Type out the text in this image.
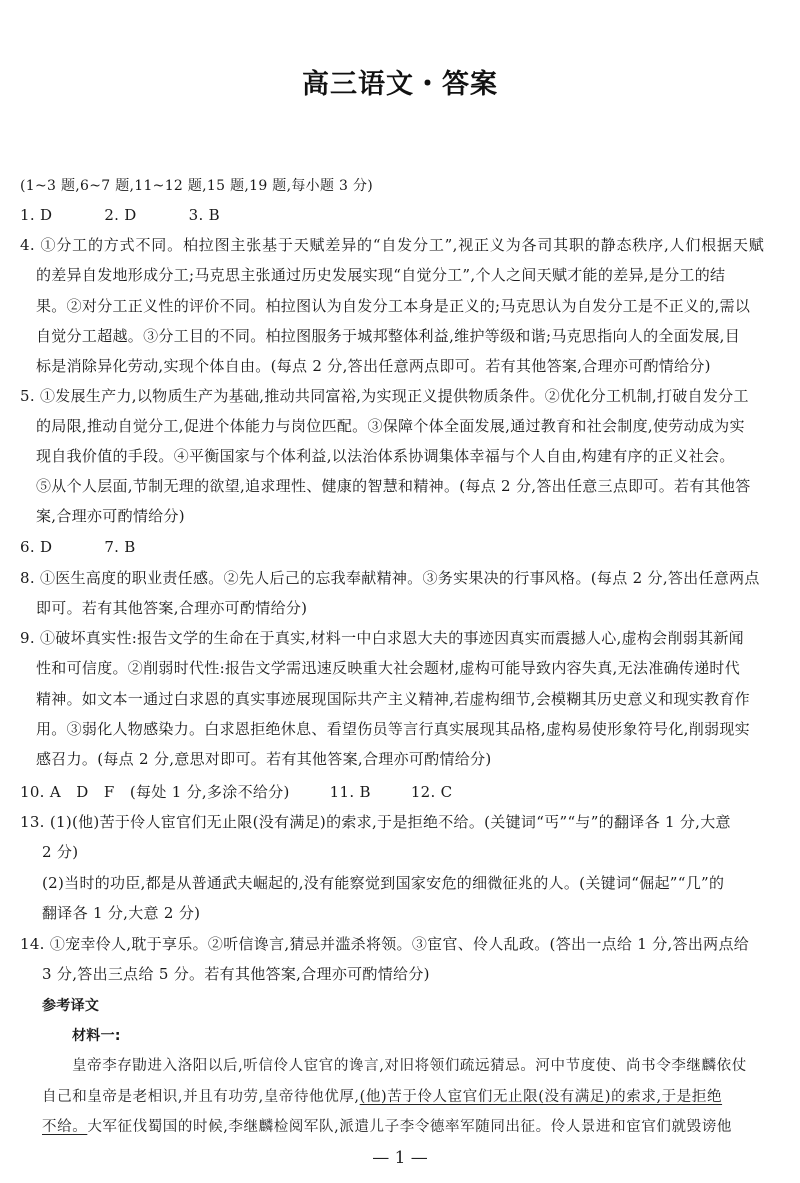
高三语文・答案
(1~3 题,6~7 题,11~12 题,15 题,19 题,每小题 3 分)
1. D	2. D	3. B
4. ①分工的方式不同。柏拉图主张基于天赋差异的“自发分工”,视正义为各司其职的静态秩序,人们根据天赋
的差异自发地形成分工;马克思主张通过历史发展实现“自觉分工”,个人之间天赋才能的差异,是分工的结
果。②对分工正义性的评价不同。柏拉图认为自发分工本身是正义的;马克思认为自发分工是不正义的,需以
自觉分工超越。③分工目的不同。柏拉图服务于城邦整体利益,维护等级和谐;马克思指向人的全面发展,目
标是消除异化劳动,实现个体自由。(每点 2 分,答出任意两点即可。若有其他答案,合理亦可酌情给分)
5. ①发展生产力,以物质生产为基础,推动共同富裕,为实现正义提供物质条件。②优化分工机制,打破自发分工
的局限,推动自觉分工,促进个体能力与岗位匹配。③保障个体全面发展,通过教育和社会制度,使劳动成为实
现自我价值的手段。④平衡国家与个体利益,以法治体系协调集体幸福与个人自由,构建有序的正义社会。
⑤从个人层面,节制无理的欲望,追求理性、健康的智慧和精神。(每点 2 分,答出任意三点即可。若有其他答
案,合理亦可酌情给分)
6. D	7. B
8. ①医生高度的职业责任感。②先人后己的忘我奉献精神。③务实果决的行事风格。(每点 2 分,答出任意两点
即可。若有其他答案,合理亦可酌情给分)
9. ①破坏真实性:报告文学的生命在于真实,材料一中白求恩大夫的事迹因真实而震撼人心,虚构会削弱其新闻
性和可信度。②削弱时代性:报告文学需迅速反映重大社会题材,虚构可能导致内容失真,无法准确传递时代
精神。如文本一通过白求恩的真实事迹展现国际共产主义精神,若虚构细节,会模糊其历史意义和现实教育作
用。③弱化人物感染力。白求恩拒绝休息、看望伤员等言行真实展现其品格,虚构易使形象符号化,削弱现实
感召力。(每点 2 分,意思对即可。若有其他答案,合理亦可酌情给分)
10. A　D　F　(每处 1 分,多涂不给分)	11. B	12. C
13. (1)(他)苦于伶人宦官们无止限(没有满足)的索求,于是拒绝不给。(关键词“丐”“与”的翻译各 1 分,大意
2 分)
(2)当时的功臣,都是从普通武夫崛起的,没有能察觉到国家安危的细微征兆的人。(关键词“倔起”“几”的
翻译各 1 分,大意 2 分)
14. ①宠幸伶人,耽于享乐。②听信谗言,猜忌并滥杀将领。③宦官、伶人乱政。(答出一点给 1 分,答出两点给
3 分,答出三点给 5 分。若有其他答案,合理亦可酌情给分)
参考译文
材料一:
皇帝李存勖进入洛阳以后,听信伶人宦官的谗言,对旧将领们疏远猜忌。河中节度使、尚书令李继麟依仗
自己和皇帝是老相识,并且有功劳,皇帝待他优厚,(他)苦于伶人宦官们无止限(没有满足)的索求,于是拒绝
不给。大军征伐蜀国的时候,李继麟检阅军队,派遣儿子李令德率军随同出征。伶人景进和宦官们就毁谤他
— 1 —
